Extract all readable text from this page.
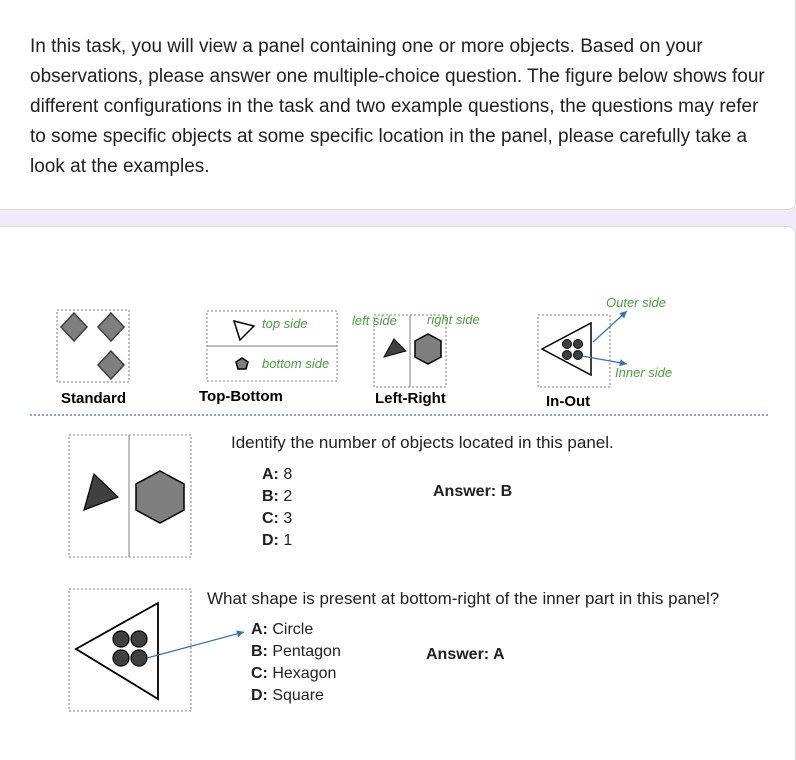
In this task, you will view a panel containing one or more objects. Based on your observations, please answer one multiple-choice question. The figure below shows four different configurations in the task and two example questions, the questions may refer to some specific objects at some specific location in the panel, please carefully take a look at the examples.

Standard
top side
bottom side
Top-Bottom
left side right side
Left-Right
Outer side
Inner side
In-Out
Identify the number of objects located in this panel.
A: 8
B: 2
C: 3
D: 1
Answer: B
What shape is present at bottom-right of the inner part in this panel?
A: Circle
B: Pentagon
C: Hexagon
D: Square
Answer: A
